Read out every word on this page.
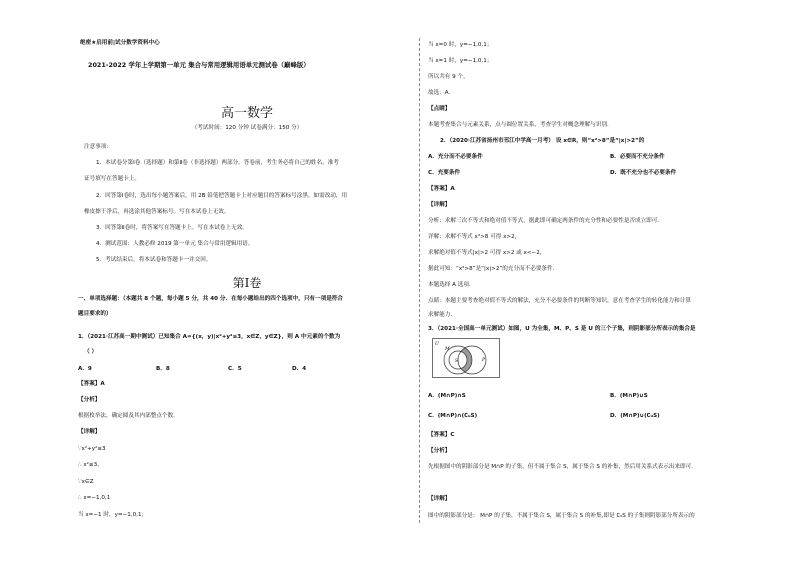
绝密★启用前|试分数学资料中心
2021-2022 学年上学期第一单元 集合与常用逻辑用语单元测试卷（巅峰版）
高一数学
（考试时间：120 分钟 试卷满分：150 分）
注意事项：
1．本试卷分第Ⅰ卷（选择题）和第Ⅱ卷（非选择题）两部分。答卷前，考生务必将自己的姓名、准考
证号填写在答题卡上。
2．回答第Ⅰ卷时，选出每小题答案后，用 2B 铅笔把答题卡上对应题目的答案标号涂黑。如需改动，用
橡皮擦干净后，再选涂其他答案标号。写在本试卷上无效。
3．回答第Ⅱ卷时，将答案写在答题卡上。写在本试卷上无效。
4．测试范围：人教必修 2019 第一单元 集合与常用逻辑用语。
5．考试结束后，将本试卷和答题卡一并交回。
第Ⅰ卷
一、单项选择题：（本题共 8 个题，每小题 5 分，共 40 分．在每小题给出的四个选项中，只有一项是符合
题目要求的）
1．（2021·江苏高一期中测试）已知集合 A={(x，y)|x²+y²≤3，x∈Z，y∈Z}，则 A 中元素的个数为
（ ）
A．9	B．8	C．5	D．4
【答案】A
【分析】
根据枚举法，确定圆及其内部整点个数.
【详解】
∵x²+y²≤3
∴ x²≤3，
∵x∈Z
∴ x=−1,0,1
当 x=−1 时，y=−1,0,1；
当 x=0 时，y=−1,0,1；
当 x=1 时，y=−1,0,1；
所以共有 9 个，
故选：A.
【点睛】
本题考查集合与元素关系，点与圆位置关系，考查学生对概念理解与识别.
2．（2020·江苏省扬州市邗江中学高一月考） 设 x∈R，则“x²>8”是“|x|>2”的
A．充分而不必要条件	B．必要而不充分条件
C．充要条件	D．既不充分也不必要条件
【答案】A
【详解】
分析：求解三次不等式和绝对值不等式，据此即可确定两条件的充分性和必要性是否成立即可.
详解：求解不等式 x³>8 可得 x>2，
求解绝对值不等式|x|>2 可得 x>2 或 x<−2，
据此可知：“x³>8”是“|x|>2”的充分而不必要条件.
本题选择 A 选项.
点睛：本题主要考查绝对值不等式的解法，充分不必要条件的判断等知识，意在考查学生的转化能力和计算
求解能力.
3．（2021·全国高一单元测试）如图，U 为全集，M、P、S 是 U 的三个子集，则阴影部分所表示的集合是
A．(M∩P)∩S	B．(M∩P)∪S
C．(M∩P)∩(∁ᵤS)	D．(M∩P)∪(∁ᵤS)
【答案】C
【分析】
先根据图中的阴影部分是 M∩P 的子集，但不属于集合 S，属于集合 S 的补集，然后用关系式表示出来即可.
【详解】
图中的阴影部分是： M∩P 的子集，不属于集合 S，属于集合 S 的补集,即是 ∁ᵤS 的子集则阴影部分所表示的
U
M
P
S
